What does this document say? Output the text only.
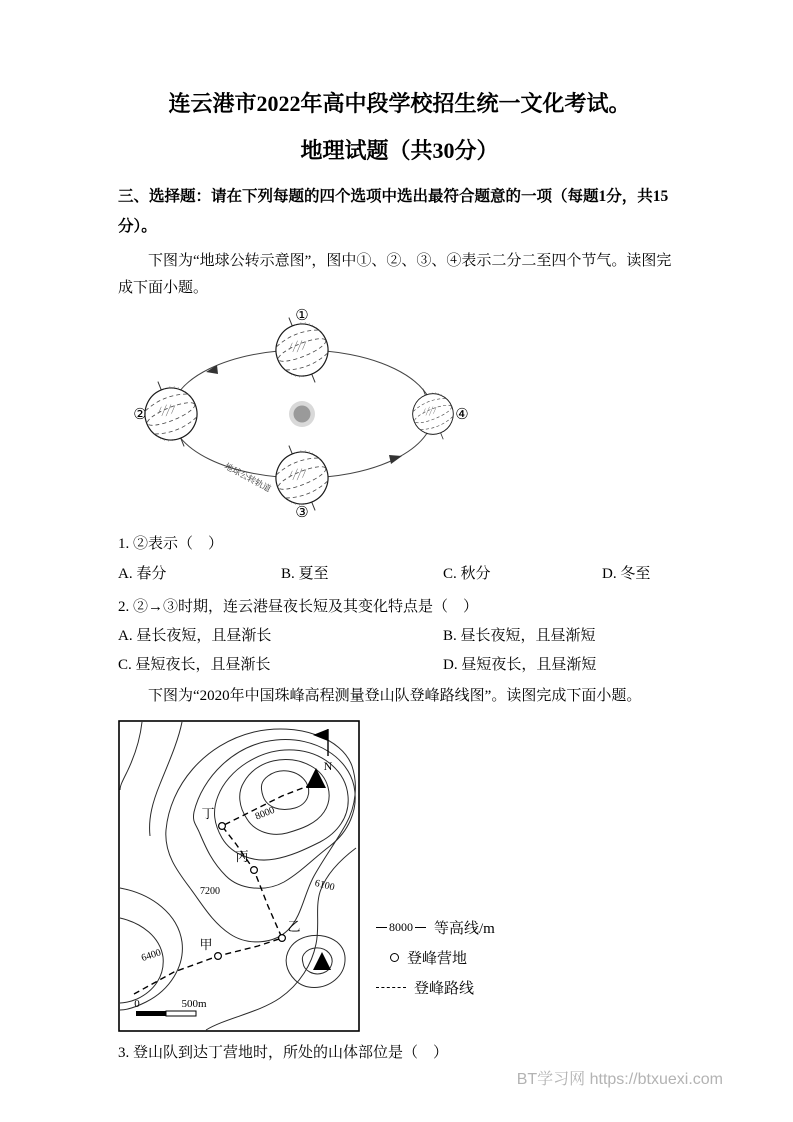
连云港市2022年高中段学校招生统一文化考试。
地理试题（共30分）
三、选择题：请在下列每题的四个选项中选出最符合题意的一项（每题1分，共15分）。
下图为“地球公转示意图”，图中①、②、③、④表示二分二至四个节气。读图完成下面小题。
地球公转轨道
①
②
③
④
1. ②表示（　）
A. 春分	B. 夏至	C. 秋分	D. 冬至
2. ②→③时期，连云港昼夜长短及其变化特点是（　）
A. 昼长夜短，且昼渐长	B. 昼长夜短，且昼渐短
C. 昼短夜长，且昼渐长	D. 昼短夜长，且昼渐短
下图为“2020年中国珠峰高程测量登山队登峰路线图”。读图完成下面小题。
丁
丙
乙
甲
8000
7200	6100
6400
N
0	500m
8000 等高线/m
登峰营地
登峰路线
3. 登山队到达丁营地时，所处的山体部位是（　）
BT学习网 https://btxuexi.com
